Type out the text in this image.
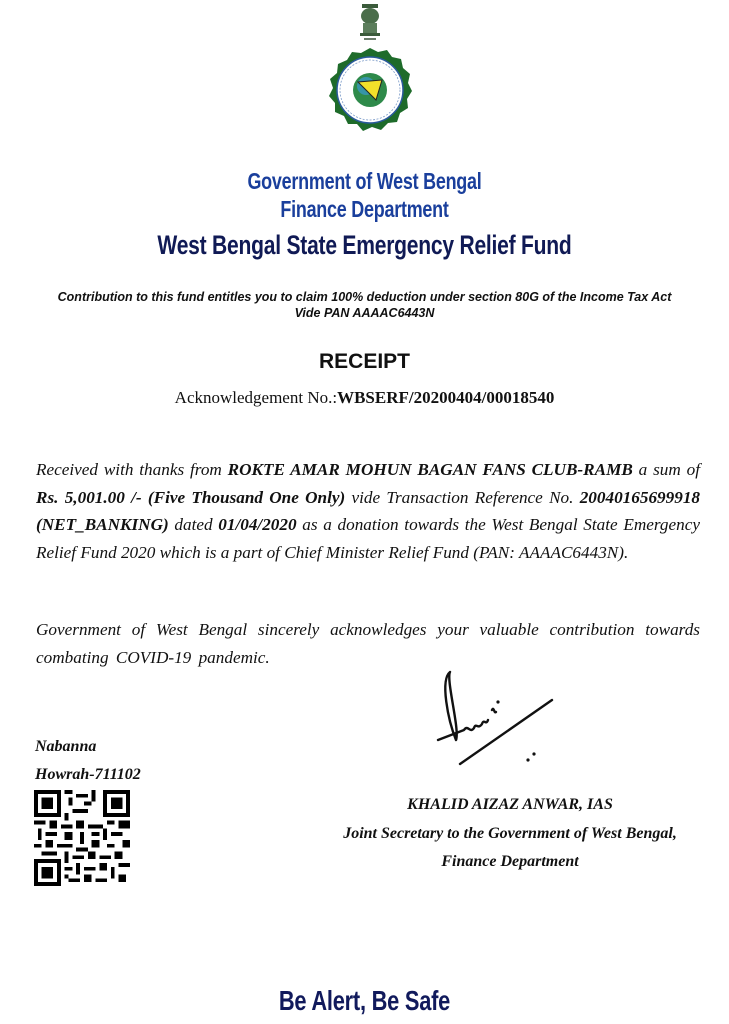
Government of West Bengal
Finance Department
West Bengal State Emergency Relief Fund
Contribution to this fund entitles you to claim 100% deduction under section 80G of the Income Tax Act
Vide PAN AAAAC6443N
RECEIPT
Acknowledgement No.:WBSERF/20200404/00018540
Received with thanks from ROKTE AMAR MOHUN BAGAN FANS CLUB-RAMB a sum of Rs. 5,001.00 /- (Five Thousand One Only) vide Transaction Reference No. 20040165699918 (NET_BANKING) dated 01/04/2020 as a donation towards the West Bengal State Emergency Relief Fund 2020 which is a part of Chief Minister Relief Fund (PAN: AAAAC6443N).
Government of West Bengal sincerely acknowledges your valuable contribution towards combating COVID-19 pandemic.
Nabanna
Howrah-711102
KHALID AIZAZ ANWAR, IAS
Joint Secretary to the Government of West Bengal,
Finance Department
Be Alert, Be Safe
